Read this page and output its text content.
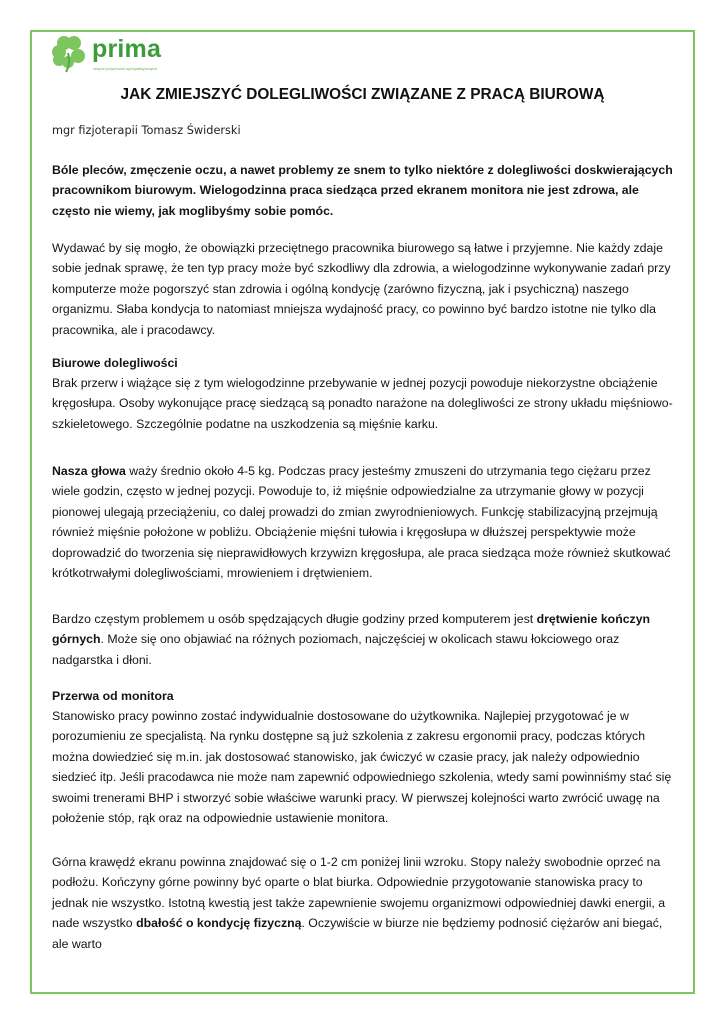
prima
zespół przychodni specjalistycznych
JAK ZMIEJSZYĆ DOLEGLIWOŚCI ZWIĄZANE Z PRACĄ BIUROWĄ
mgr fizjoterapii Tomasz Świderski

Bóle pleców, zmęczenie oczu, a nawet problemy ze snem to tylko niektóre z dolegliwości doskwierających pracownikom biurowym. Wielogodzinna praca siedząca przed ekranem monitora nie jest zdrowa, ale często nie wiemy, jak moglibyśmy sobie pomóc.

Wydawać by się mogło, że obowiązki przeciętnego pracownika biurowego są łatwe i przyjemne. Nie każdy zdaje sobie jednak sprawę, że ten typ pracy może być szkodliwy dla zdrowia, a wielogodzinne wykonywanie zadań przy komputerze może pogorszyć stan zdrowia i ogólną kondycję (zarówno fizyczną, jak i psychiczną) naszego organizmu. Słaba kondycja to natomiast mniejsza wydajność pracy, co powinno być bardzo istotne nie tylko dla pracownika, ale i pracodawcy.

Biurowe dolegliwości

Brak przerw i wiążące się z tym wielogodzinne przebywanie w jednej pozycji powoduje niekorzystne obciążenie kręgosłupa. Osoby wykonujące pracę siedzącą są ponadto narażone na dolegliwości ze strony układu mięśniowo-szkieletowego. Szczególnie podatne na uszkodzenia są mięśnie karku.

Nasza głowa waży średnio około 4-5 kg. Podczas pracy jesteśmy zmuszeni do utrzymania tego ciężaru przez wiele godzin, często w jednej pozycji. Powoduje to, iż mięśnie odpowiedzialne za utrzymanie głowy w pozycji pionowej ulegają przeciążeniu, co dalej prowadzi do zmian zwyrodnieniowych. Funkcję stabilizacyjną przejmują również mięśnie położone w pobliżu. Obciążenie mięśni tułowia i kręgosłupa w dłuższej perspektywie może doprowadzić do tworzenia się nieprawidłowych krzywizn kręgosłupa, ale praca siedząca może również skutkować krótkotrwałymi dolegliwościami, mrowieniem i drętwieniem.

Bardzo częstym problemem u osób spędzających długie godziny przed komputerem jest drętwienie kończyn górnych. Może się ono objawiać na różnych poziomach, najczęściej w okolicach stawu łokciowego oraz nadgarstka i dłoni.

Przerwa od monitora

Stanowisko pracy powinno zostać indywidualnie dostosowane do użytkownika. Najlepiej przygotować je w porozumieniu ze specjalistą. Na rynku dostępne są już szkolenia z zakresu ergonomii pracy, podczas których można dowiedzieć się m.in. jak dostosować stanowisko, jak ćwiczyć w czasie pracy, jak należy odpowiednio siedzieć itp. Jeśli pracodawca nie może nam zapewnić odpowiedniego szkolenia, wtedy sami powinniśmy stać się swoimi trenerami BHP i stworzyć sobie właściwe warunki pracy. W pierwszej kolejności warto zwrócić uwagę na położenie stóp, rąk oraz na odpowiednie ustawienie monitora.

Górna krawędź ekranu powinna znajdować się o 1-2 cm poniżej linii wzroku. Stopy należy swobodnie oprzeć na podłożu. Kończyny górne powinny być oparte o blat biurka. Odpowiednie przygotowanie stanowiska pracy to jednak nie wszystko. Istotną kwestią jest także zapewnienie swojemu organizmowi odpowiedniej dawki energii, a nade wszystko dbałość o kondycję fizyczną. Oczywiście w biurze nie będziemy podnosić ciężarów ani biegać, ale warto
